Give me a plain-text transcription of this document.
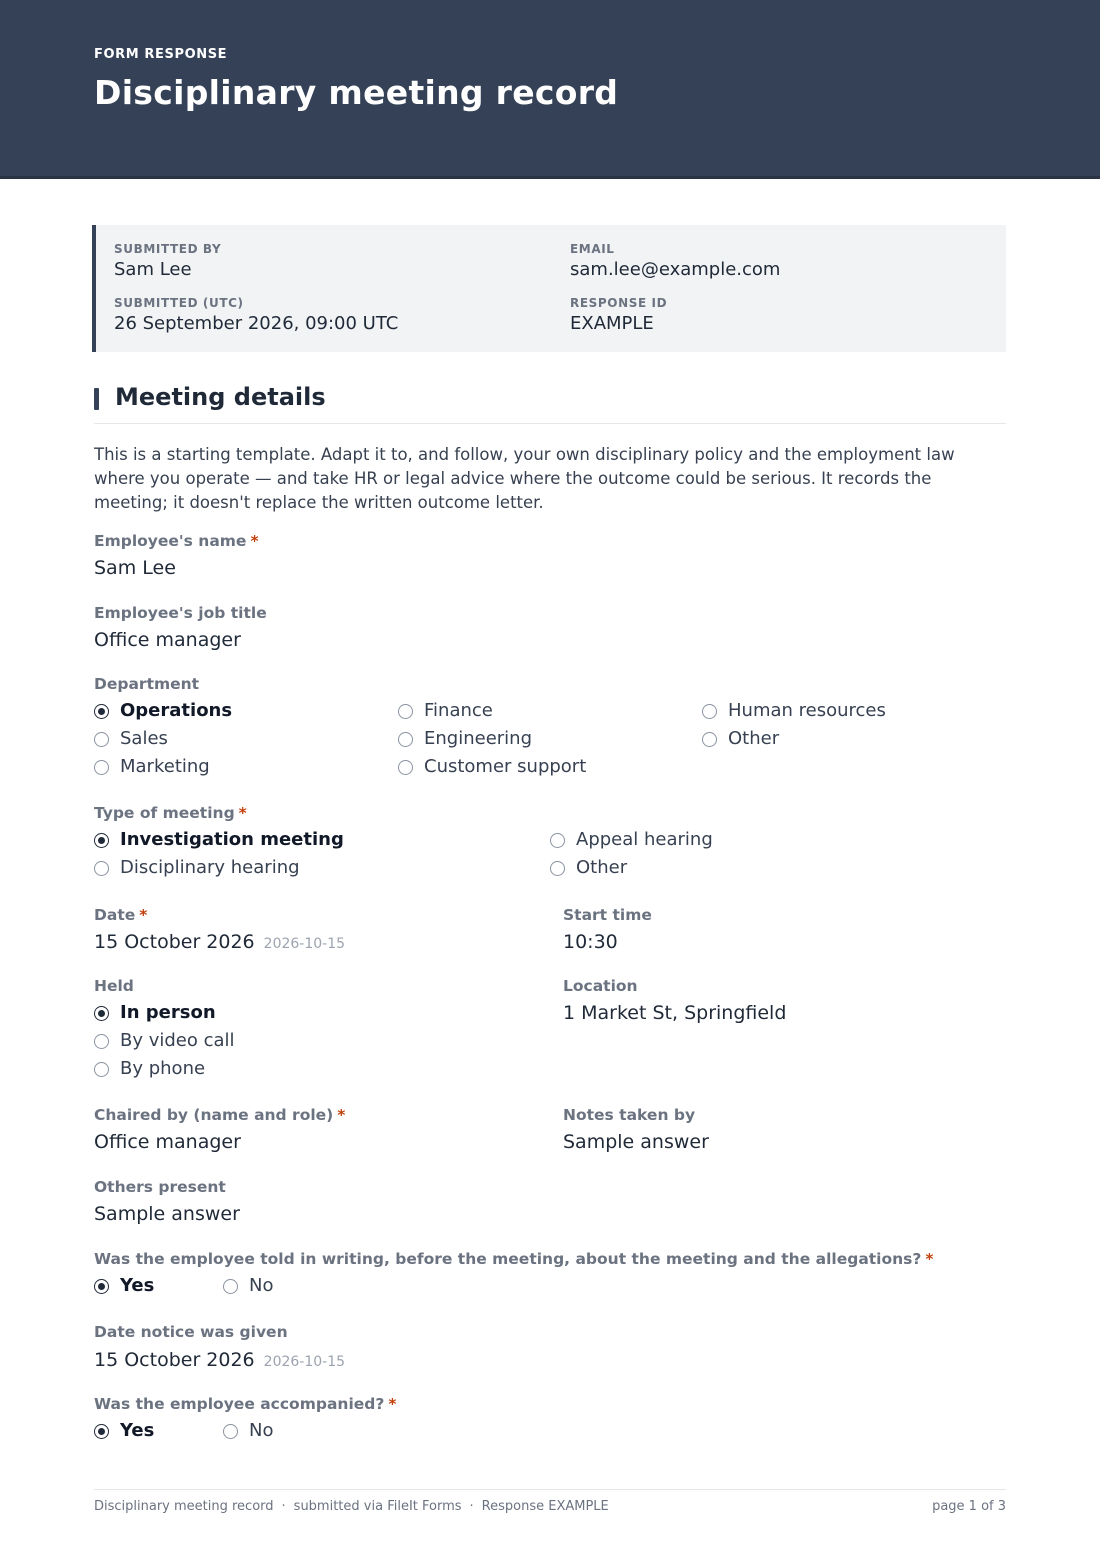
FORM RESPONSE
Disciplinary meeting record
SUBMITTED BY
Sam Lee
EMAIL
sam.lee@example.com
SUBMITTED (UTC)
26 September 2026, 09:00 UTC
RESPONSE ID
EXAMPLE
Meeting details
This is a starting template. Adapt it to, and follow, your own disciplinary policy and the employment law where you operate — and take HR or legal advice where the outcome could be serious. It records the meeting; it doesn't replace the written outcome letter.
Employee's name *
Sam Lee
Employee's job title
Office manager
Department
Operations	Finance	Human resources
Sales	Engineering	Other
Marketing	Customer support
Type of meeting *
Investigation meeting	Appeal hearing
Disciplinary hearing	Other
Date *
15 October 2026 2026-10-15
Start time
10:30
Held
In person
By video call
By phone
Location
1 Market St, Springfield
Chaired by (name and role) *
Office manager
Notes taken by
Sample answer
Others present
Sample answer
Was the employee told in writing, before the meeting, about the meeting and the allegations? *
Yes	No
Date notice was given
15 October 2026 2026-10-15
Was the employee accompanied? *
Yes	No
Disciplinary meeting record · submitted via FileIt Forms · Response EXAMPLE	page 1 of 3
